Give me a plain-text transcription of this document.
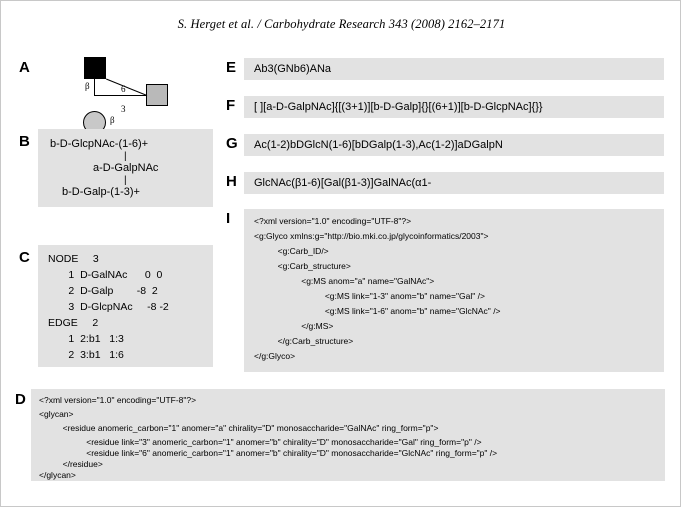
S. Herget et al. / Carbohydrate Research 343 (2008) 2162–2171
A
β	6
β
3
B b-D-GlcpNAc-(1-6)+
|
a-D-GalpNAc
|
b-D-Galp-(1-3)+
C NODE     3
1  D-GalNAc      0  0
2  D-Galp        -8  2
3  D-GlcpNAc     -8 -2
EDGE     2
1  2:b1   1:3
2  3:b1   1:6
D <?xml version="1.0" encoding="UTF-8"?>
<glycan>
<residue anomeric_carbon="1" anomer="a" chirality="D" monosaccharide="GalNAc" ring_form="p">
<residue link="3" anomeric_carbon="1" anomer="b" chirality="D" monosaccharide="Gal" ring_form="p" />
<residue link="6" anomeric_carbon="1" anomer="b" chirality="D" monosaccharide="GlcNAc" ring_form="p" />
</residue>
</glycan>
E Ab3(GNb6)ANa
F [ ][a-D-GalpNAc]{[(3+1)][b-D-Galp]{}[(6+1)][b-D-GlcpNAc]{}}
G Ac(1-2)bDGlcN(1-6)[bDGalp(1-3),Ac(1-2)]aDGalpN
H GlcNAc(β1-6)[Gal(β1-3)]GalNAc(α1-
I	<?xml version="1.0" encoding="UTF-8"?>
<g:Glyco xmlns:g="http://bio.mki.co.jp/glycoinformatics/2003">
<g:Carb_ID/>
<g:Carb_structure>
<g:MS anom="a" name="GalNAc">
<g:MS link="1-3" anom="b" name="Gal" />
<g:MS link="1-6" anom="b" name="GlcNAc" />
</g:MS>
</g:Carb_structure>
</g:Glyco>
